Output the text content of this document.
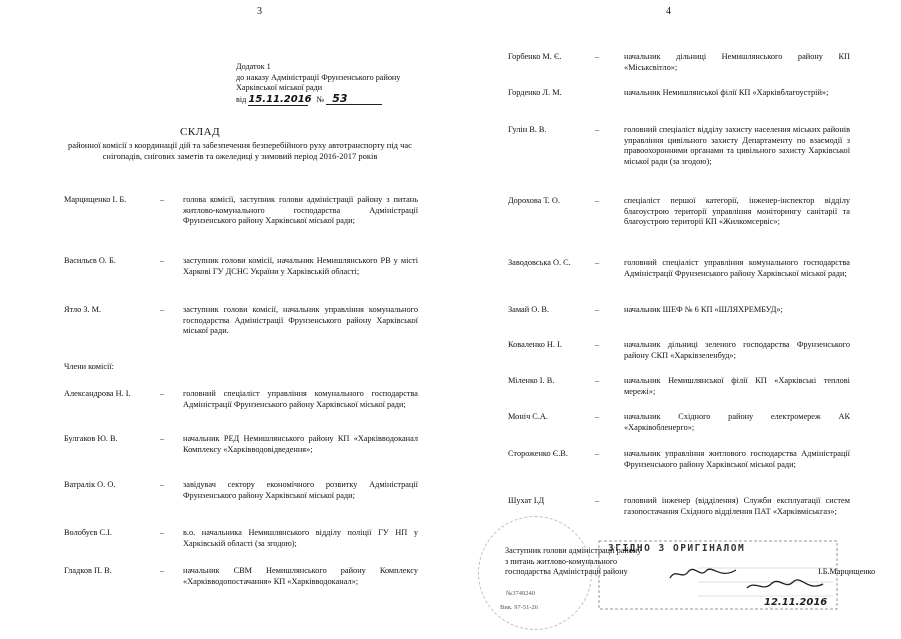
3
Додаток 1
до наказу Адміністрації Фрунзенського району
Харківської міської ради
від 15.11.2016 № 53
СКЛАД
районної комісії з координації дій та забезпечення безперебійного руху автотранспорту під час снігопадів, снігових заметів та ожеледиці у зимовий період 2016-2017 років
Марцищенко І. Б.	– голова комісії, заступник голови адміністрації району з питань житлово-комунального господарства Адміністрації Фрунзенського району Харківської міської ради;
Васильєв О. Б.	– заступник голови комісії, начальник Немишлянського РВ у місті Харкові ГУ ДСНС України у Харківській області;
Ятло З. М.	– заступник голови комісії, начальник управління комунального господарства Адміністрації Фрунзенського району Харківської міської ради.
Члени комісії:
Александрова Н. І.	– головний спеціаліст управління комунального господарства Адміністрації Фрунзенського району Харківської міської ради;
Булгаков Ю. В.	– начальник РЕД Немишлянського району КП «Харківводоканал Комплексу «Харківводовідведення»;
Ватралік О. О.	– завідувач сектору економічного розвитку Адміністрації Фрунзенського району Харківської міської ради;
Волобуєв С.І.	– в.о. начальника Немишлянського відділу поліції ГУ НП у Харківській області (за згодою);
Гладков П. В.	– начальник СВМ Немишлянського району Комплексу «Харківводопостачання» КП «Харківводоканал»;
4
Горбенко М. Є.	–	начальник дільниці Немишлянського району КП «Міськсвітло»;
Горденко Л. М.	начальник Немишлянської філії КП «Харківблагоустрій»;
Гулін В. В.	–	головний спеціаліст відділу захисту населення міських районів управління цивільного захисту Департаменту по взаємодії з правоохоронними органами та цивільного захисту Харківської міської ради (за згодою);
Дорохова Т. О.	–	спеціаліст першої категорії, інженер-інспектор відділу благоустрою території управління моніторингу санітарії та благоустрою території КП «Жилкомсервіс»;
Заводовська О. С.	–	головний спеціаліст управління комунального господарства Адміністрації Фрунзенського району Харківської міської ради;
Замай О. В.	–	начальник ШЕФ № 6 КП «ШЛЯХРЕМБУД»;
Коваленко Н. І.	–	начальник дільниці зеленого господарства Фрунзенського району СКП «Харківзеленбуд»;
Міленко І. В.	–	начальник Немишлянської філії КП «Харківські теплові мережі»;
Моніч С.А.	–	начальник Східного району електромереж АК «Харківобленерго»;
Стороженко Є.В.	–	начальник управління житлового господарства Адміністрації Фрунзенського району Харківської міської ради;
Шухат І.Д	–	головний інженер (відділення) Служби експлуатації систем газопостачання Східного відділення ПАТ «Харківміськгаз»;
№3749240
Вик. 97-51-26
ЗГІДНО З ОРИГІНАЛОМ
12.11.2016
Заступник голови адміністрації району
з питань житлово-комунального
господарства Адміністрації району	І.Б.Марцищенко
